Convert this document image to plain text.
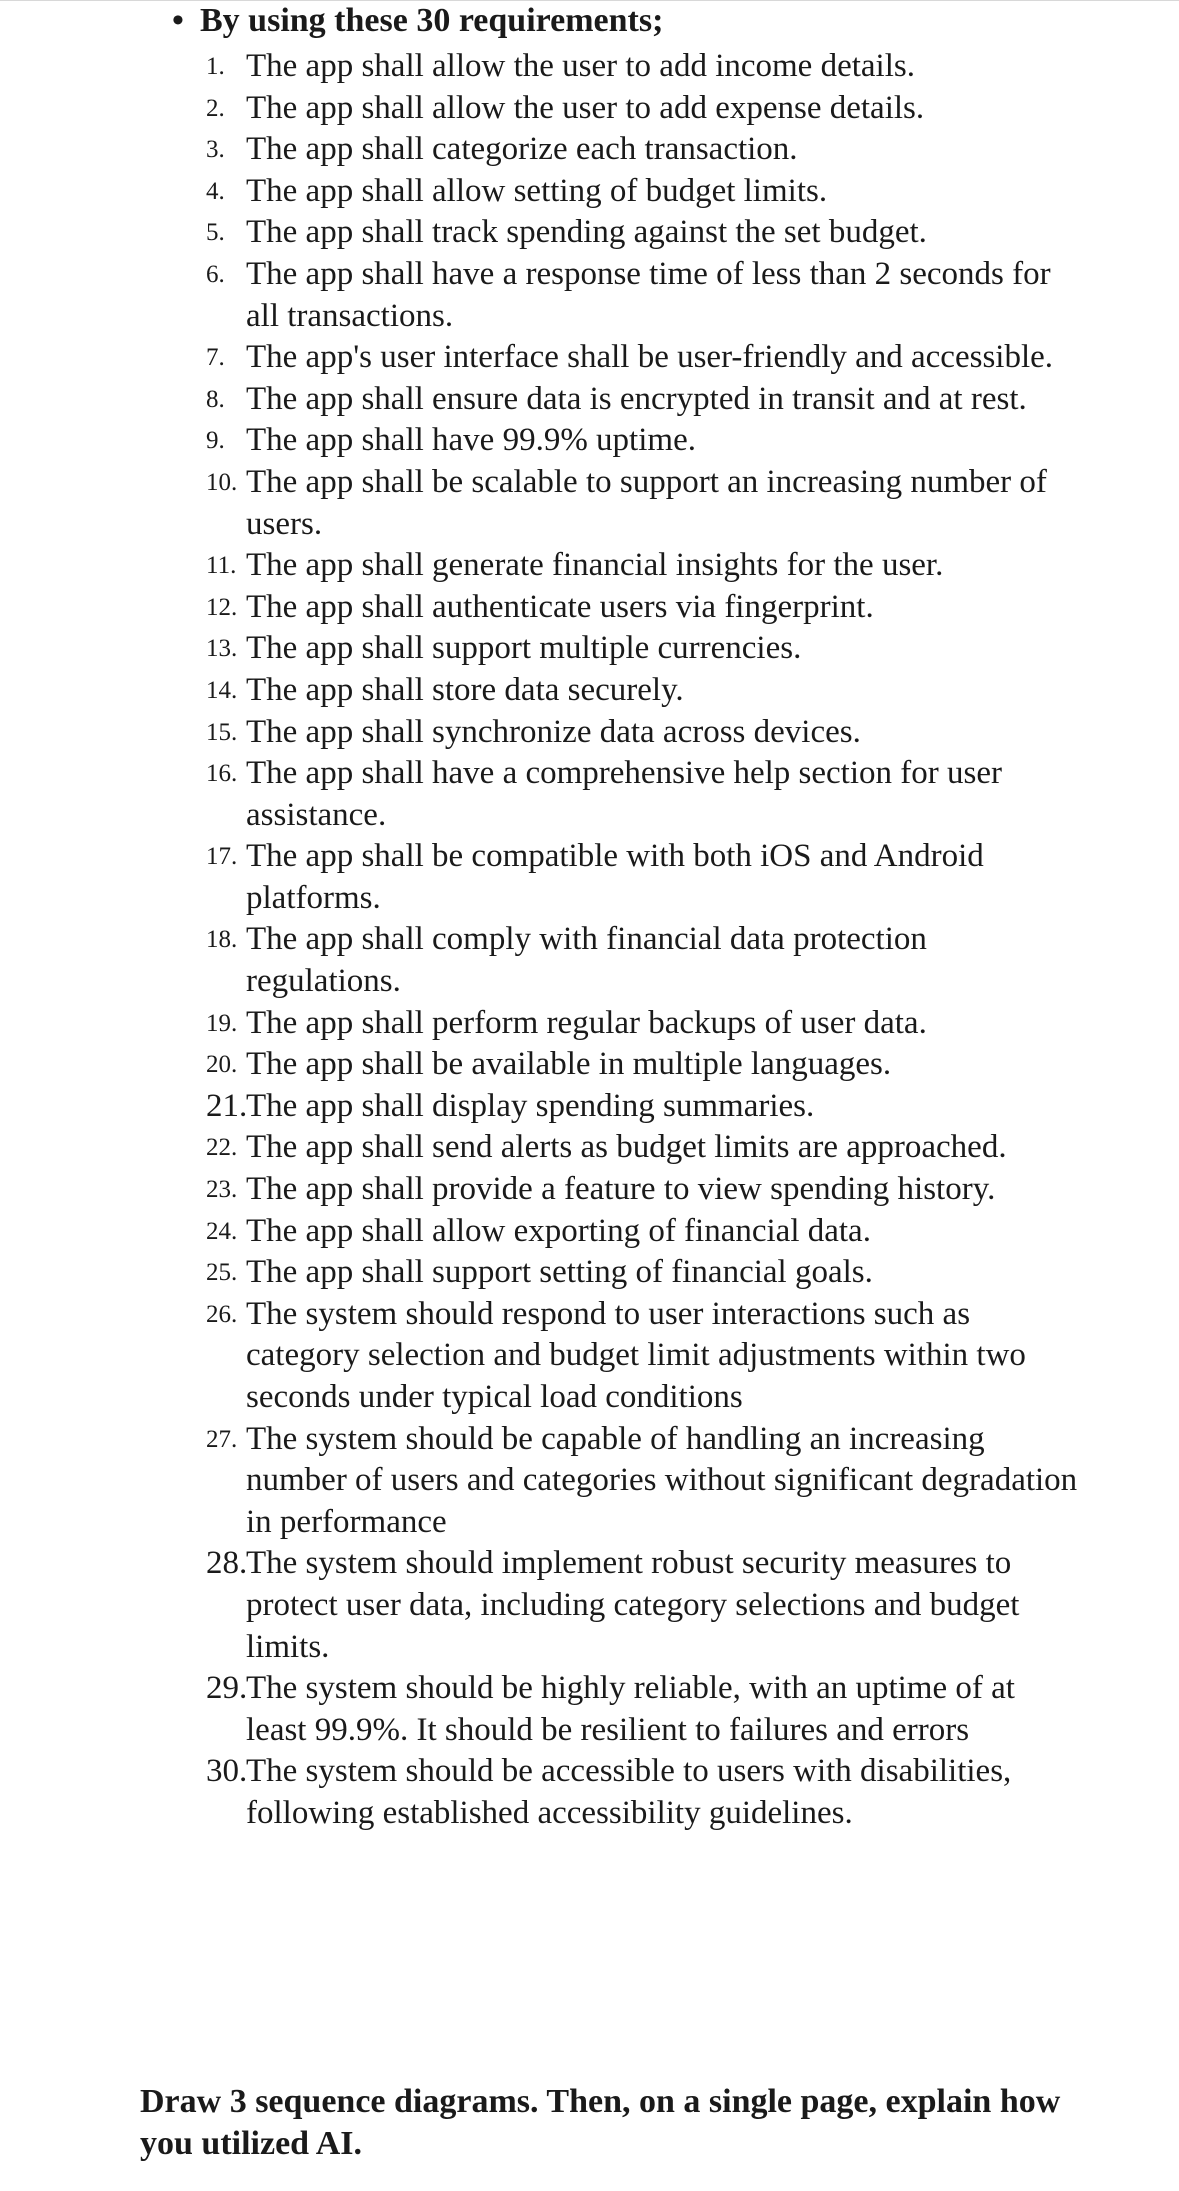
• By using these 30 requirements;
1. The app shall allow the user to add income details.
2. The app shall allow the user to add expense details.
3. The app shall categorize each transaction.
4. The app shall allow setting of budget limits.
5. The app shall track spending against the set budget.
6. The app shall have a response time of less than 2 seconds for all transactions.
7. The app's user interface shall be user-friendly and accessible.
8. The app shall ensure data is encrypted in transit and at rest.
9. The app shall have 99.9% uptime.
10. The app shall be scalable to support an increasing number of users.
11. The app shall generate financial insights for the user.
12. The app shall authenticate users via fingerprint.
13. The app shall support multiple currencies.
14. The app shall store data securely.
15. The app shall synchronize data across devices.
16. The app shall have a comprehensive help section for user assistance.
17. The app shall be compatible with both iOS and Android platforms.
18. The app shall comply with financial data protection regulations.
19. The app shall perform regular backups of user data.
20. The app shall be available in multiple languages.
21.
The app shall display spending summaries.
22. The app shall send alerts as budget limits are approached.
23. The app shall provide a feature to view spending history.
24. The app shall allow exporting of financial data.
25. The app shall support setting of financial goals.
26. The system should respond to user interactions such as category selection and budget limit adjustments within two seconds under typical load conditions
27. The system should be capable of handling an increasing number of users and categories without significant degradation in performance
28.
The system should implement robust security measures to protect user data, including category selections and budget limits.
29.
The system should be highly reliable, with an uptime of at least 99.9%. It should be resilient to failures and errors
30.
The system should be accessible to users with disabilities, following established accessibility guidelines.
Draw 3 sequence diagrams. Then, on a single page, explain how you utilized AI.
